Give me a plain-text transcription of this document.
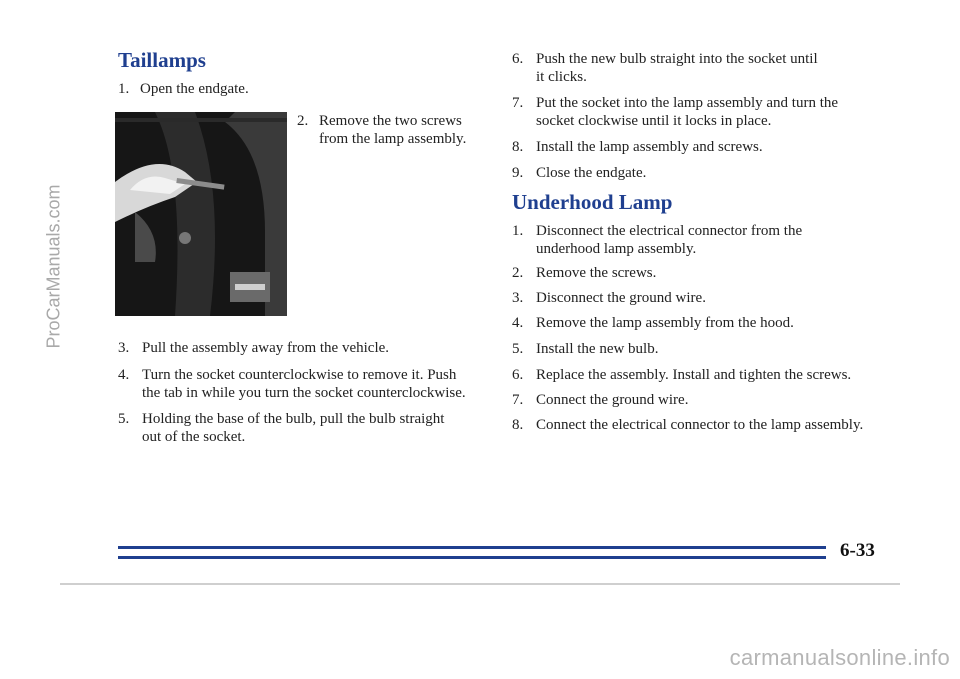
Taillamps
1. Open the endgate.
2. Remove the two screws
from the lamp assembly.
3. Pull the assembly away from the vehicle.
4. Turn the socket counterclockwise to remove it. Push
the tab in while you turn the socket counterclockwise.
5. Holding the base of the bulb, pull the bulb straight
out of the socket.
6. Push the new bulb straight into the socket until
it clicks.
7. Put the socket into the lamp assembly and turn the
socket clockwise until it locks in place.
8. Install the lamp assembly and screws.
9. Close the endgate.
Underhood Lamp
1. Disconnect the electrical connector from the
underhood lamp assembly.
2. Remove the screws.
3. Disconnect the ground wire.
4. Remove the lamp assembly from the hood.
5. Install the new bulb.
6. Replace the assembly. Install and tighten the screws.
7. Connect the ground wire.
8. Connect the electrical connector to the lamp assembly.
6-33
ProCarManuals.com
carmanualsonline.info
